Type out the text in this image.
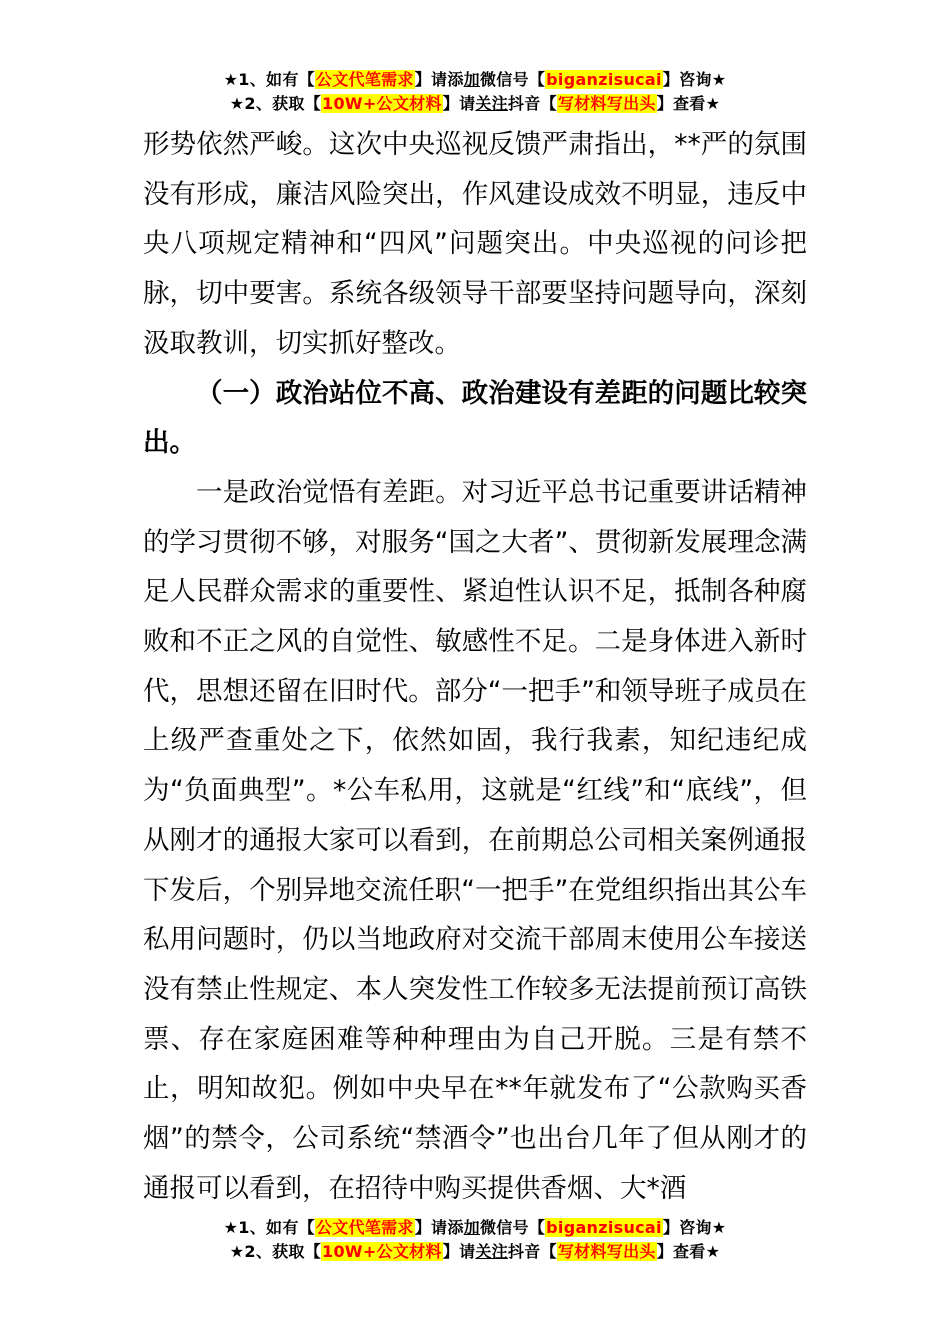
★1、如有【公文代笔需求】请添加微信号【biganzisucai】咨询★
★2、获取【10W+公文材料】请关注抖音【写材料写出头】查看★

形势依然严峻。这次中央巡视反馈严肃指出，**严的氛围没有形成，廉洁风险突出，作风建设成效不明显，违反中央八项规定精神和“四风”问题突出。中央巡视的问诊把脉，切中要害。系统各级领导干部要坚持问题导向，深刻汲取教训，切实抓好整改。

（一）政治站位不高、政治建设有差距的问题比较突出。

一是政治觉悟有差距。对习近平总书记重要讲话精神的学习贯彻不够，对服务“国之大者”、贯彻新发展理念满足人民群众需求的重要性、紧迫性认识不足，抵制各种腐败和不正之风的自觉性、敏感性不足。二是身体进入新时代，思想还留在旧时代。部分“一把手”和领导班子成员在上级严查重处之下，依然如固，我行我素，知纪违纪成为“负面典型”。*公车私用，这就是“红线”和“底线”，但从刚才的通报大家可以看到，在前期总公司相关案例通报下发后，个别异地交流任职“一把手”在党组织指出其公车私用问题时，仍以当地政府对交流干部周末使用公车接送没有禁止性规定、本人突发性工作较多无法提前预订高铁票、存在家庭困难等种种理由为自己开脱。三是有禁不止，明知故犯。例如中央早在**年就发布了“公款购买香烟”的禁令，公司系统“禁酒令”也出台几年了但从刚才的通报可以看到，在招待中购买提供香烟、大*酒

★1、如有【公文代笔需求】请添加微信号【biganzisucai】咨询★
★2、获取【10W+公文材料】请关注抖音【写材料写出头】查看★
